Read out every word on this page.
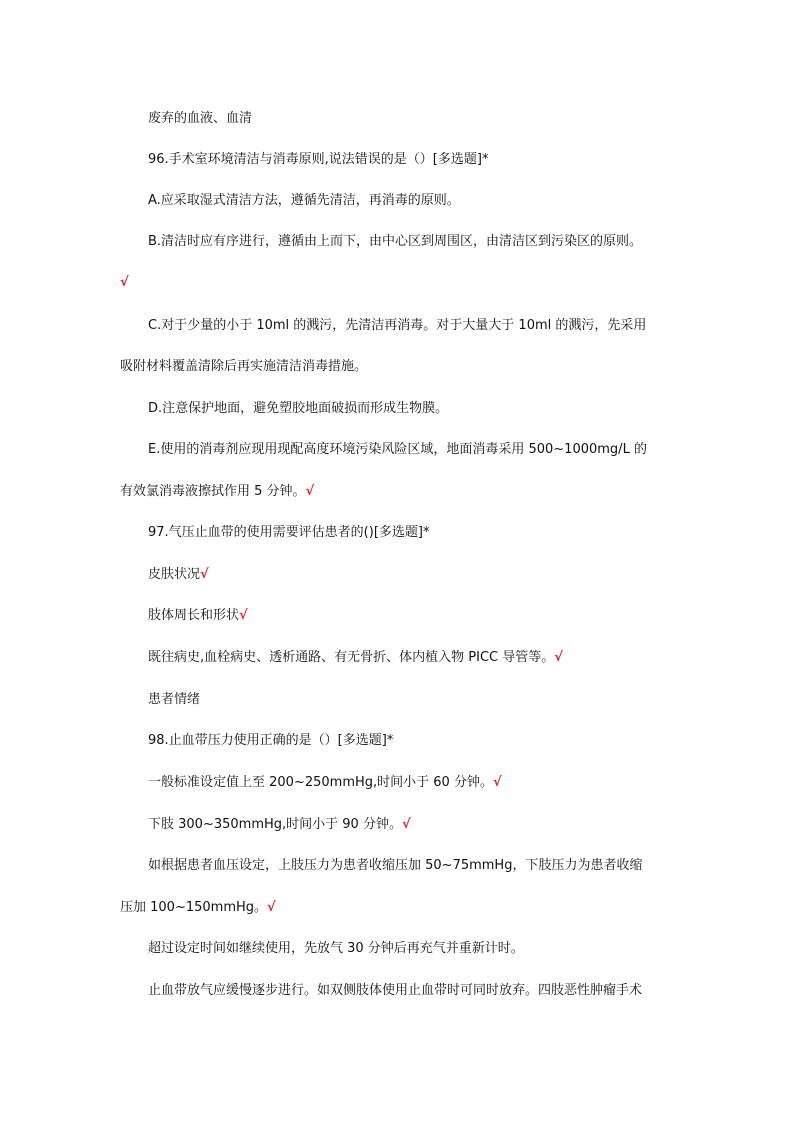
废弃的血液、血清
96.手术室环境清洁与消毒原则,说法错误的是（）[多选题]*
A.应采取湿式清洁方法，遵循先清洁，再消毒的原则。
B.清洁时应有序进行，遵循由上而下，由中心区到周围区，由清洁区到污染区的原则。
√
C.对于少量的小于 10ml 的溅污，先清洁再消毒。对于大量大于 10ml 的溅污，先采用
吸附材料覆盖清除后再实施清洁消毒措施。
D.注意保护地面，避免塑胶地面破损而形成生物膜。
E.使用的消毒剂应现用现配高度环境污染风险区域，地面消毒采用 500~1000mg/L 的
有效氯消毒液擦拭作用 5 分钟。√
97.气压止血带的使用需要评估患者的()[多选题]*
皮肤状况√
肢体周长和形状√
既往病史,血栓病史、透析通路、有无骨折、体内植入物 PICC 导管等。√
患者情绪
98.止血带压力使用正确的是（）[多选题]*
一般标准设定值上至 200~250mmHg,时间小于 60 分钟。√
下肢 300~350mmHg,时间小于 90 分钟。√
如根据患者血压设定，上肢压力为患者收缩压加 50~75mmHg，下肢压力为患者收缩
压加 100~150mmHg。√
超过设定时间如继续使用，先放气 30 分钟后再充气并重新计时。
止血带放气应缓慢逐步进行。如双侧肢体使用止血带时可同时放弃。四肢恶性肿瘤手术
